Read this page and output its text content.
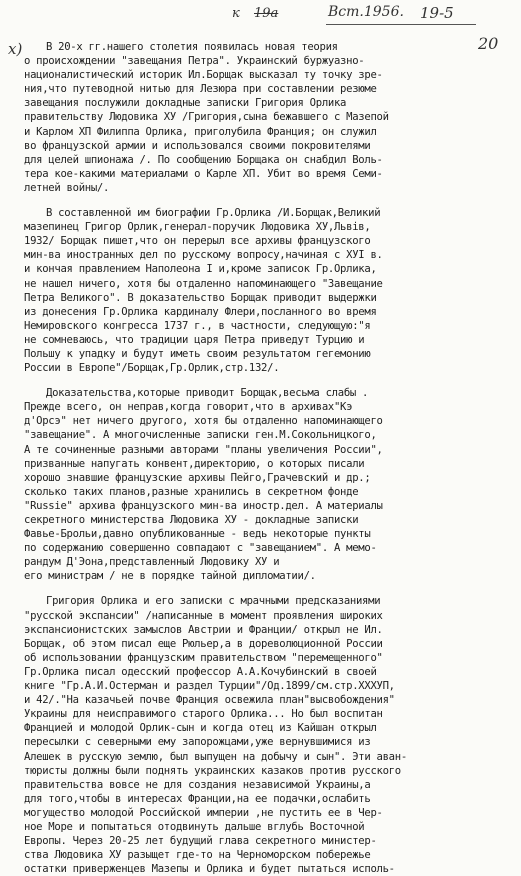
к 19а	Вст.1956. 19-5
х)	20
В 20-х гг.нашего столетия появилась новая теория
о происхождении "завещания Петра". Украинский буржуазно-
националистический историк Ил.Борщак высказал ту точку зре-
ния,что путеводной нитью для Лезюра при составлении резюме
завещания послужили докладные записки Григория Орлика
правительству Людовика ХУ /Григория,сына бежавшего с Мазепой
и Карлом ХП Филиппа Орлика, приголубила Франция; он служил
во французской армии и использовался своими покровителями
для целей шпионажа /. По сообщению Борщака он снабдил Воль-
тера кое-какими материалами о Карле ХП. Убит во время Семи-
летней войны/.
В составленной им биографии Гр.Орлика /И.Борщак,Великий
мазепинец Григор Орлик,генерал-поручик Людовика ХУ,Львів,
1932/ Борщак пишет,что он перерыл все архивы французского
мин-ва иностранных дел по русскому вопросу,начиная с ХУI в.
и кончая правлением Наполеона I и,кроме записок Гр.Орлика,
не нашел ничего, хотя бы отдаленно напоминающего "Завещание
Петра Великого". В доказательство Борщак приводит выдержки
из донесения Гр.Орлика кардиналу Флери,посланного во время
Немировского конгресса 1737 г., в частности, следующую:"я
не сомневаюсь, что традиции царя Петра приведут Турцию и
Польшу к упадку и будут иметь своим результатом гегемонию
России в Европе"/Борщак,Гр.Орлик,стр.132/.
Доказательства,которые приводит Борщак,весьма слабы .
Прежде всего, он неправ,когда говорит,что в архивах"Кэ
д'Орсэ" нет ничего другого, хотя бы отдаленно напоминающего
"завещание". А многочисленные записки ген.М.Сокольницкого,
А те сочиненные разными авторами "планы увеличения России",
призванные напугать конвент,директорию, о которых писали
хорошо знавшие французские архивы Пейго,Грачевский и др.;
сколько таких планов,разные хранились в секретном фонде
"Russie" архива французского мин-ва иностр.дел. А материалы
секретного министерства Людовика ХУ - докладные записки
Фавье-Брольи,давно опубликованные - ведь некоторые пункты
по содержанию совершенно совпадают с "завещанием". А мемо-
рандум Д'Эона,представленный Людовику ХУ и
его министрам / не в порядке тайной дипломатии/.
Григория Орлика и его записки с мрачными предсказаниями
"русской экспансии" /написанные в момент проявления широких
экспансионистских замыслов Австрии и Франции/ открыл не Ил.
Борщак, об этом писал еще Рюльер,а в дореволюционной России
об использовании французским правительством "перемещенного"
Гр.Орлика писал одесский профессор А.А.Кочубинский в своей
книге "Гр.А.И.Остерман и раздел Турции"/Од.1899/см.стр.XXXУП,
и 42/."На казачьей почве Франция освежила план"высвобождения"
Украины для неисправимого старого Орлика... Но был воспитан
Францией и молодой Орлик-сын и когда отец из Кайшан открыл
пересылки с северными ему запорожцами,уже вернувшимися из
Алешек в русскую землю, был выпущен на добычу и сын". Эти аван-
тюристы должны были поднять украинских казаков против русского
правительства вовсе не для создания независимой Украины,а
для того,чтобы в интересах Франции,на ее подачки,ослабить
могущество молодой Российской империи ,не пустить ее в Чер-
ное Море и попытаться отодвинуть дальше вглубь Восточной
Европы. Через 20-25 лет будущий глава секретного министер-
ства Людовика ХУ разыщет где-то на Черноморском побережье
остатки приверженцев Мазепы и Орлика и будет пытаться исполь-
